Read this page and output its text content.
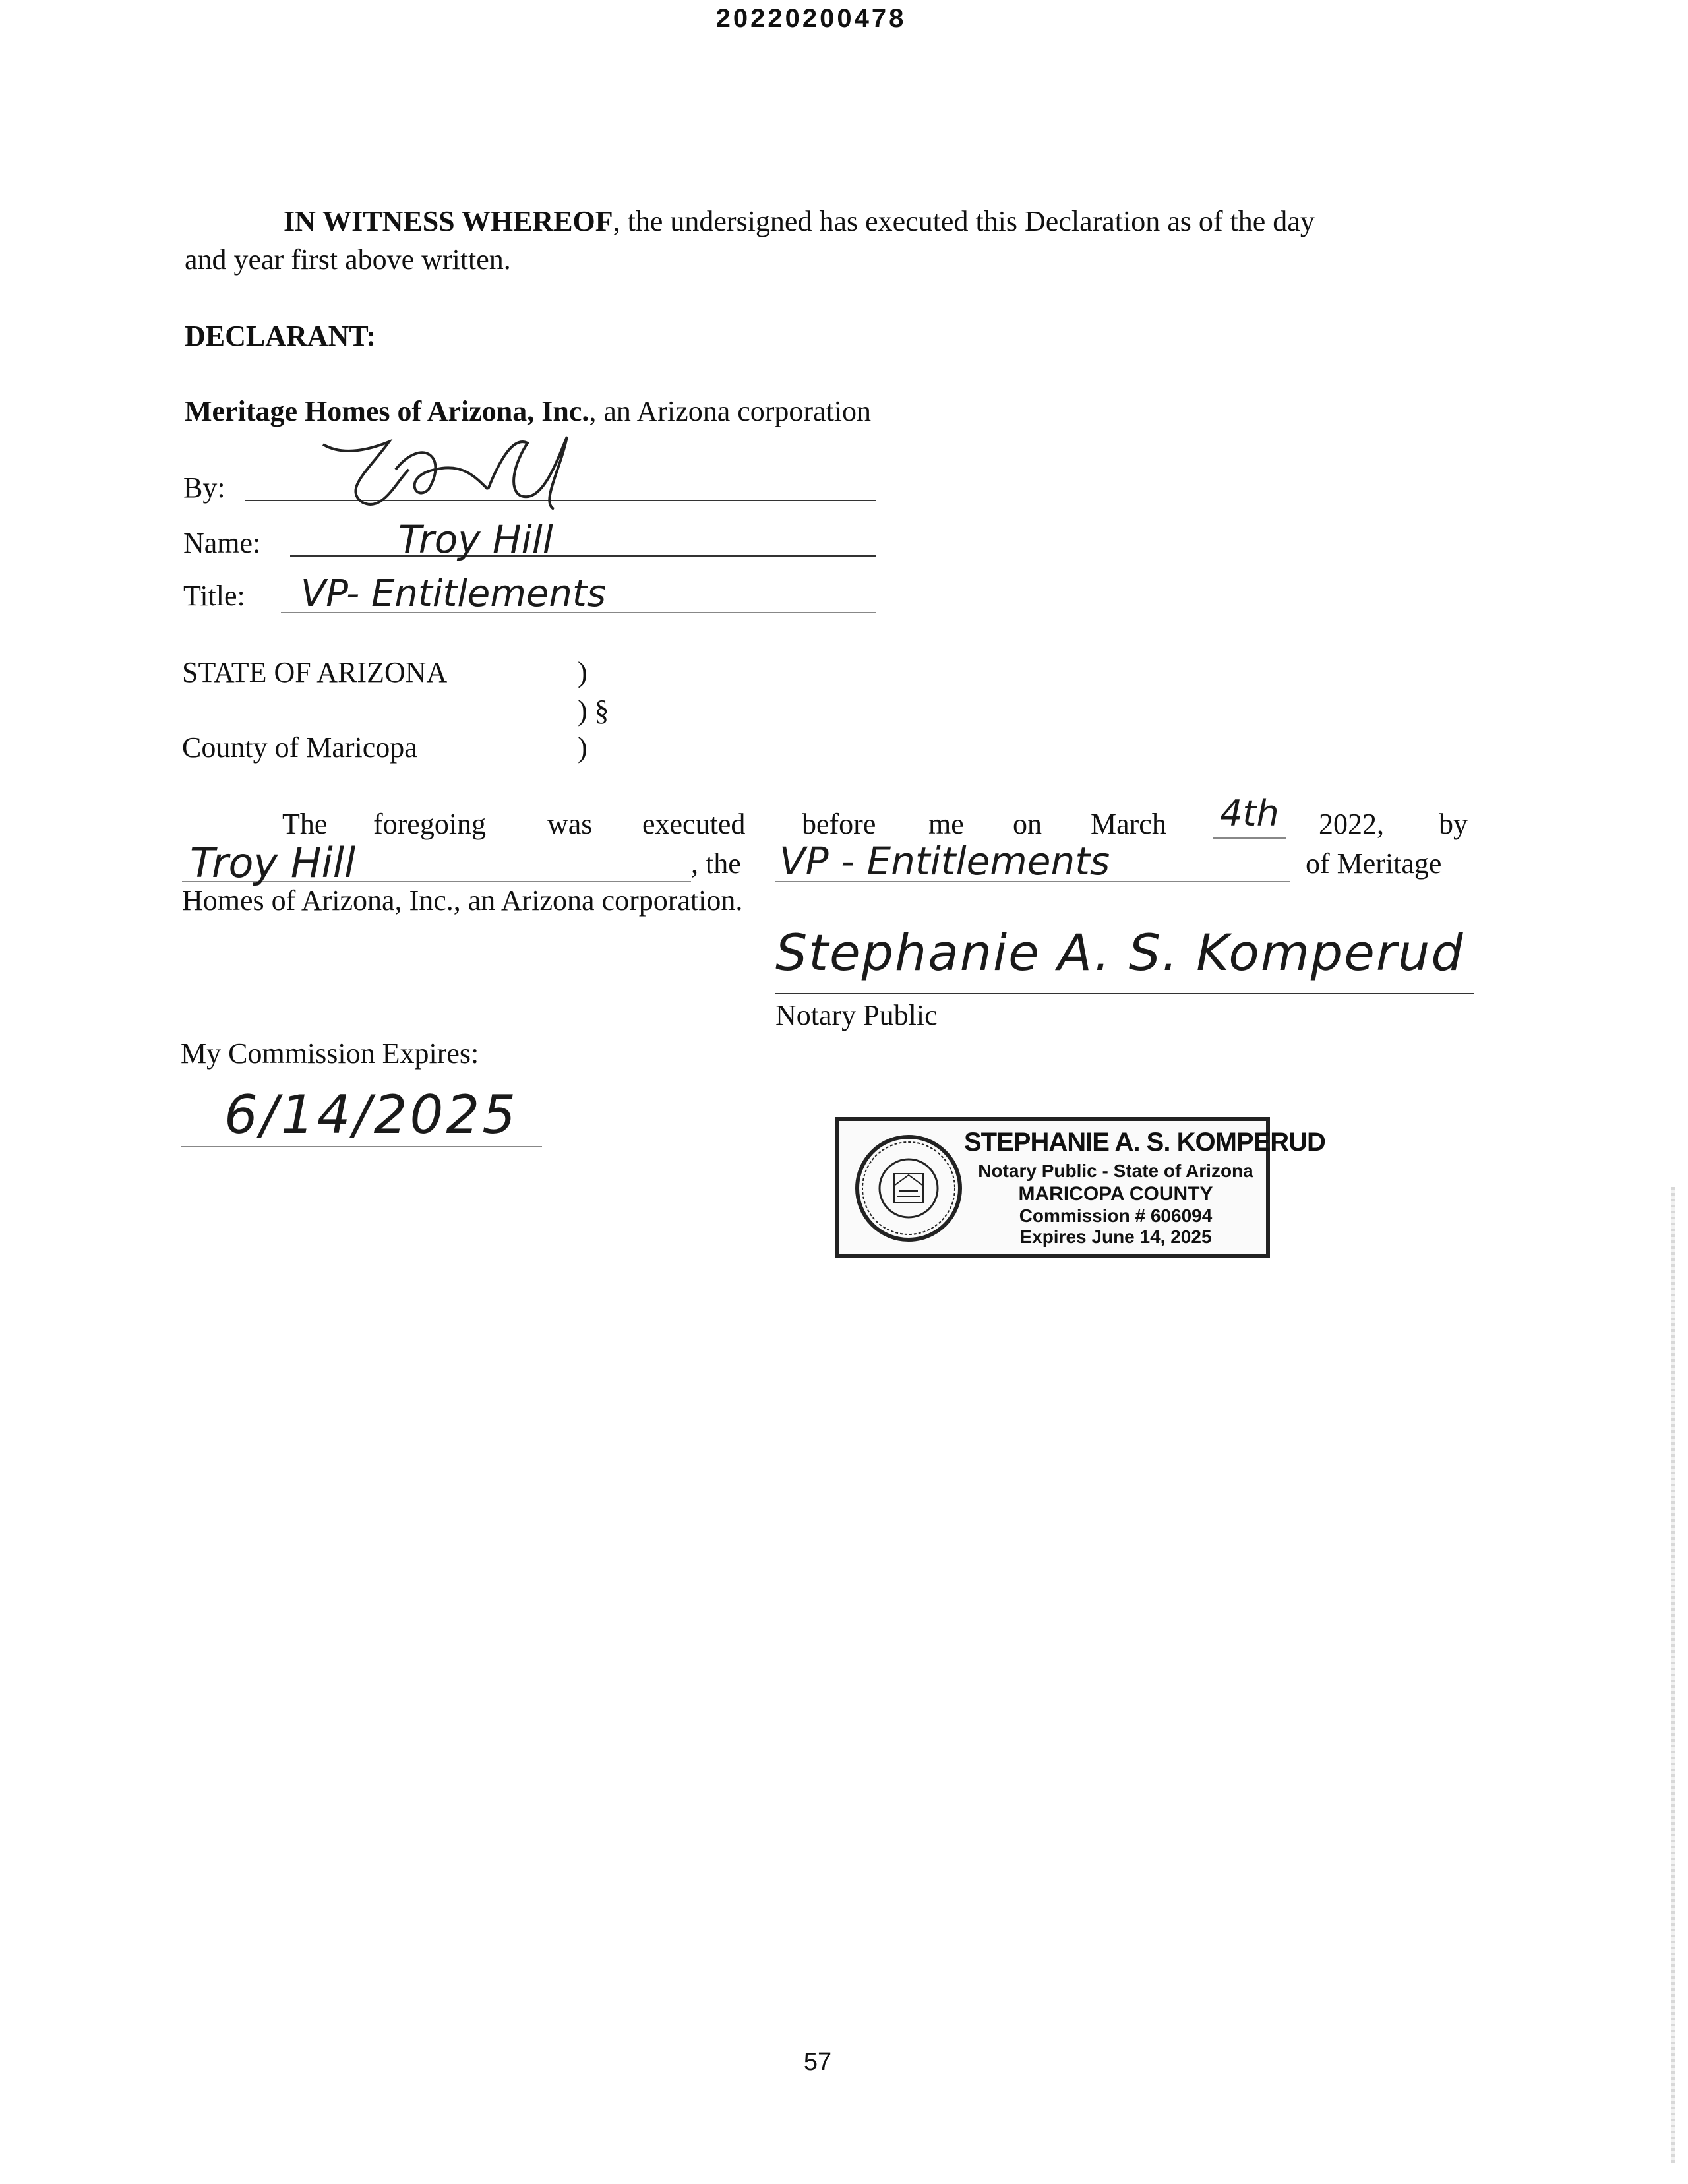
20220200478
IN WITNESS WHEREOF, the undersigned has executed this Declaration as of the day
and year first above written.
DECLARANT:
Meritage Homes of Arizona, Inc., an Arizona corporation
By:
Name:	Troy Hill
Title: VP- Entitlements
STATE OF ARIZONA	)
) §
County of Maricopa	)
The foregoing was executed before me on March 4th 2022, by
Troy Hill	, the VP - Entitlements	of Meritage
Homes of Arizona, Inc., an Arizona corporation.
Stephanie A. S. Komperud
Notary Public
My Commission Expires:
6/14/2025	STEPHANIE A. S. KOMPERUD
Notary Public - State of Arizona
MARICOPA COUNTY
Commission # 606094
Expires June 14, 2025
57
